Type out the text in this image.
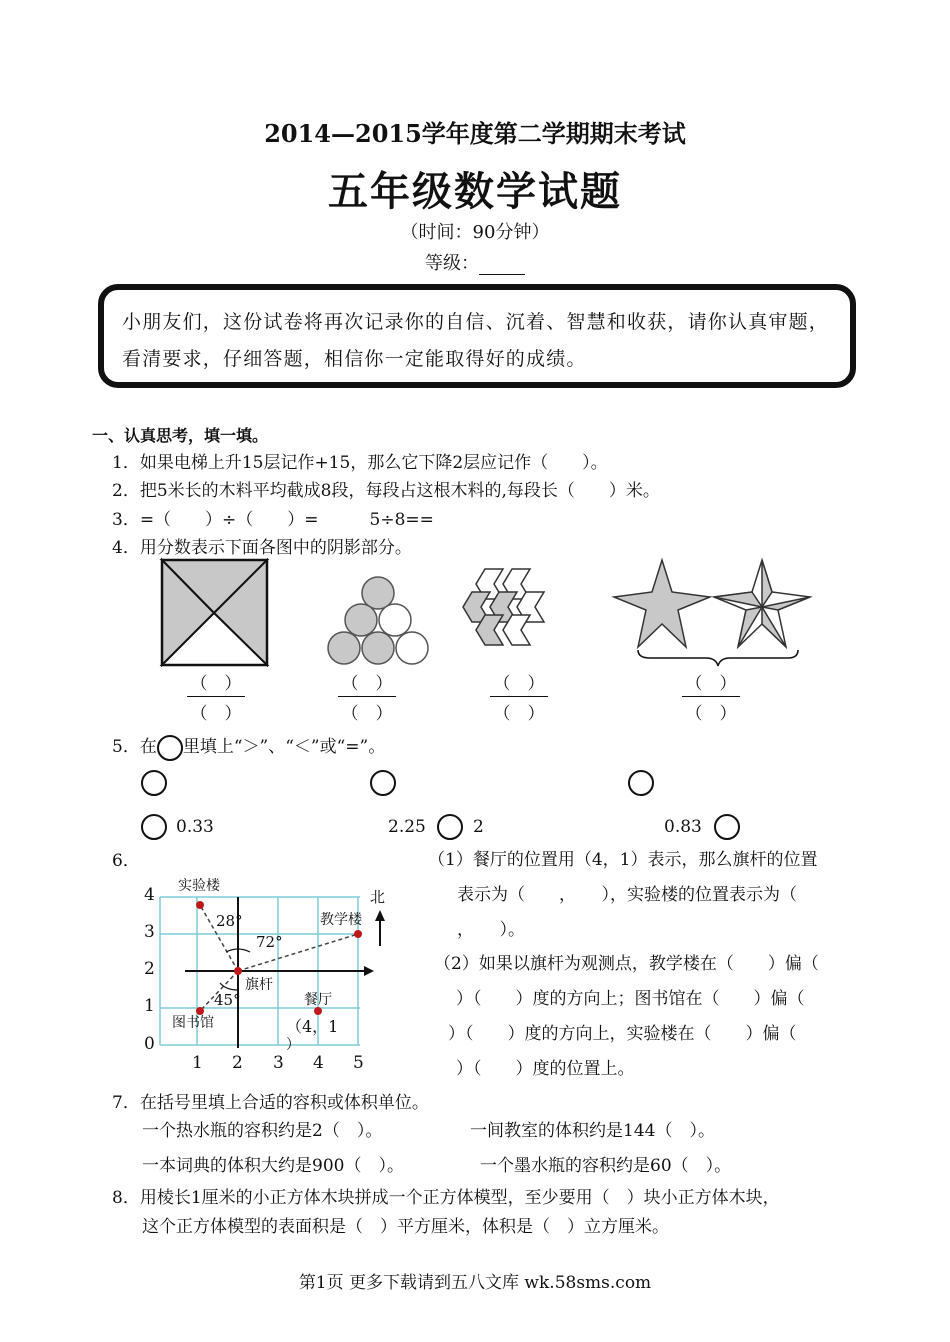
2014—2015学年度第二学期期末考试
五年级数学试题
（时间：90分钟）
等级：
小朋友们，这份试卷将再次记录你的自信、沉着、智慧和收获，请你认真审题，看清要求，仔细答题，相信你一定能取得好的成绩。
一、认真思考，填一填。
1．如果电梯上升15层记作+15，那么它下降2层应记作（　　）。
2．把5米长的木料平均截成8段，每段占这根木料的,每段长（　　）米。
3．=（　　）÷（　　）=　　　5÷8==
4．用分数表示下面各图中的阴影部分。
（　）
（　）
（　）
（　）
（　）
（　）
（　）
（　）
5．在 里填上“＞”、“＜”或“=”。
0.33	2.25	2	0.83
6．
实验楼
教学楼
旗杆
餐厅
（4，1
）
图书馆
北
28°
72°
45°
4
3
2
1
0
1 2 3 4 5
（1）餐厅的位置用（4，1）表示，那么旗杆的位置
表示为（　　，　　），实验楼的位置表示为（
，　　）。
（2）如果以旗杆为观测点，教学楼在（　　）偏（
）（　　）度的方向上；图书馆在（　　）偏（
）（　　）度的方向上，实验楼在（　　）偏（
）（　　）度的位置上。
7．在括号里填上合适的容积或体积单位。
一个热水瓶的容积约是2（　）。	一间教室的体积约是144（　）。
一本词典的体积大约是900（　）。	一个墨水瓶的容积约是60（　）。
8．用棱长1厘米的小正方体木块拼成一个正方体模型，至少要用（　）块小正方体木块，
这个正方体模型的表面积是（　）平方厘米，体积是（　）立方厘米。
第1页 更多下载请到五八文库 wk.58sms.com
